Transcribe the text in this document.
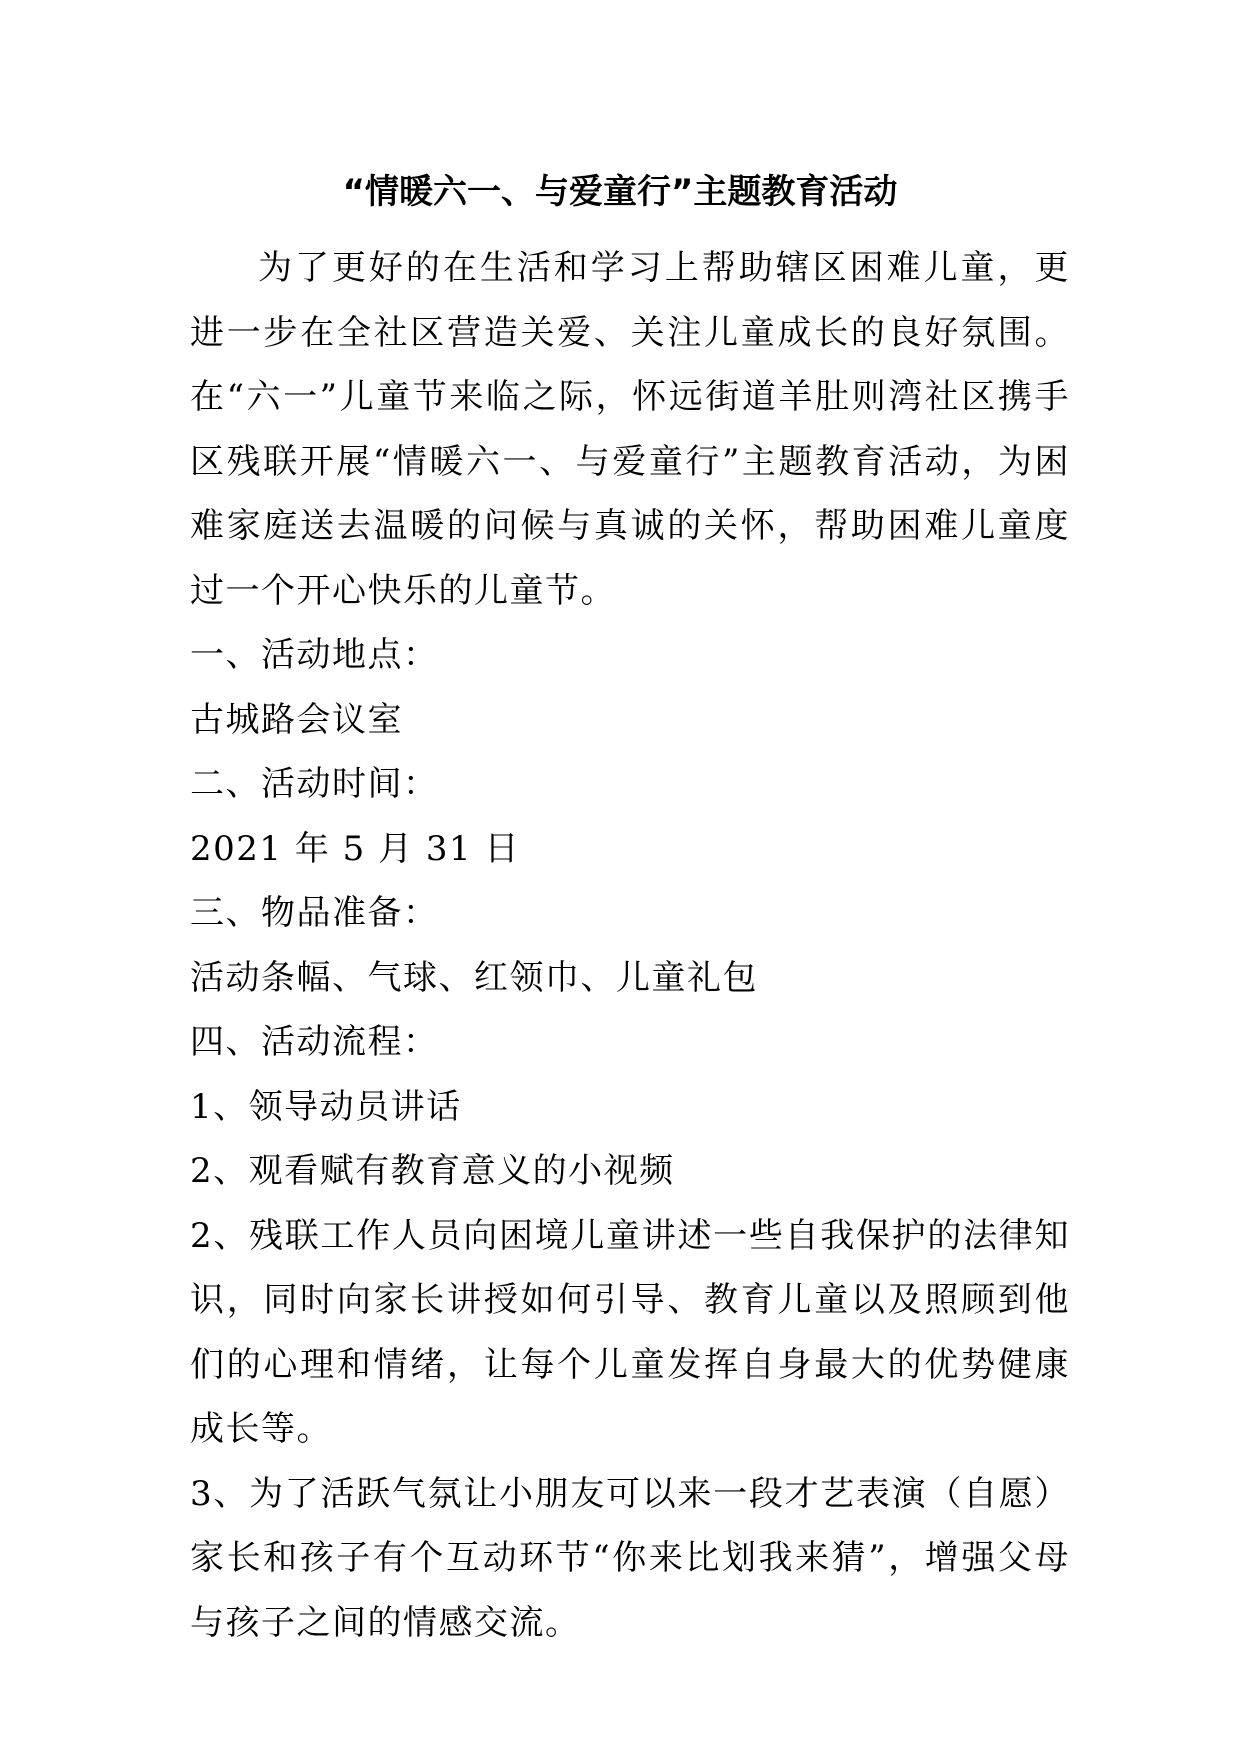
“情暖六一、与爱童行”主题教育活动

为了更好的在生活和学习上帮助辖区困难儿童，更进一步在全社区营造关爱、关注儿童成长的良好氛围。 在“六一”儿童节来临之际，怀远街道羊肚则湾社区携手区残联开展“情暖六一、与爱童行”主题教育活动，为困难家庭送去温暖的问候与真诚的关怀，帮助困难儿童度过一个开心快乐的儿童节。

一、活动地点：

古城路会议室

二、活动时间：

2021 年 5 月 31 日

三、物品准备：

活动条幅、气球、红领巾、儿童礼包

四、活动流程：

1、领导动员讲话

2、观看赋有教育意义的小视频

2、残联工作人员向困境儿童讲述一些自我保护的法律知识，同时向家长讲授如何引导、教育儿童以及照顾到他们的心理和情绪，让每个儿童发挥自身最大的优势健康成长等。

3、为了活跃气氛让小朋友可以来一段才艺表演（自愿）家长和孩子有个互动环节“你来比划我来猜”，增强父母与孩子之间的情感交流。
